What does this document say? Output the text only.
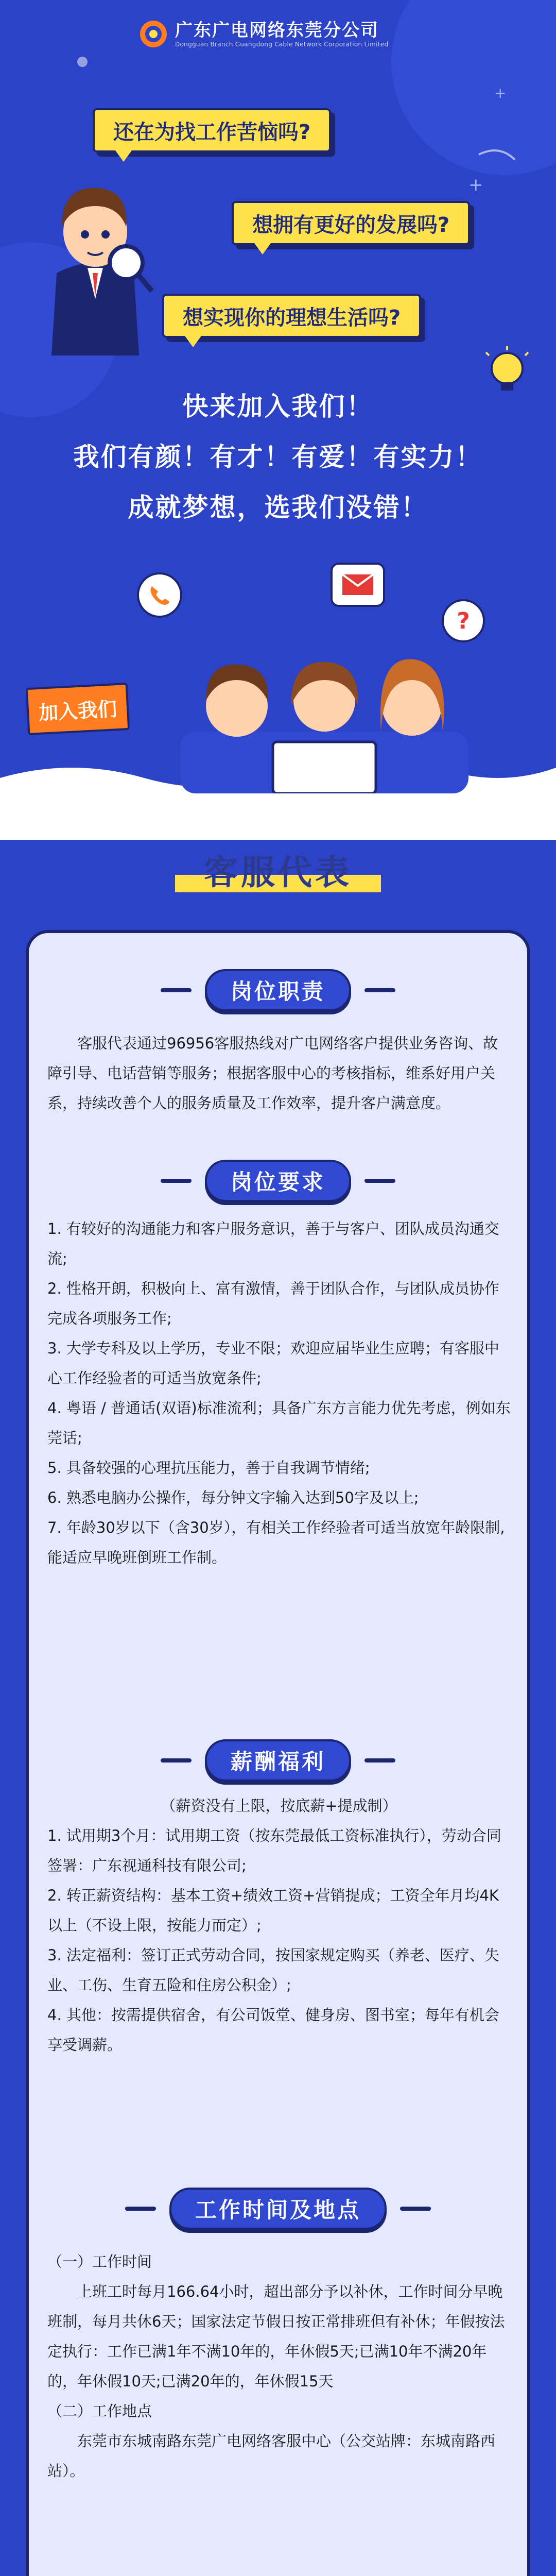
+
+
广东广电网络东莞分公司
Dongguan Branch Guangdong Cable Network Corporation Limited
还在为找工作苦恼吗?
想拥有更好的发展吗?
想实现你的理想生活吗?
快来加入我们！
我们有颜！有才！有爱！有实力！
成就梦想，选我们没错！
?
加入我们
客服代表
岗位职责

客服代表通过96956客服热线对广电网络客户提供业务咨询、故障引导、电话营销等服务；根据客服中心的考核指标，维系好用户关系，持续改善个人的服务质量及工作效率，提升客户满意度。

岗位要求

1. 有较好的沟通能力和客户服务意识，善于与客户、团队成员沟通交流;

2. 性格开朗，积极向上、富有激情，善于团队合作，与团队成员协作完成各项服务工作;

3. 大学专科及以上学历，专业不限；欢迎应届毕业生应聘；有客服中心工作经验者的可适当放宽条件;

4. 粤语 / 普通话(双语)标准流利；具备广东方言能力优先考虑，例如东莞话;

5. 具备较强的心理抗压能力，善于自我调节情绪;

6. 熟悉电脑办公操作，每分钟文字输入达到50字及以上;

7. 年龄30岁以下（含30岁），有相关工作经验者可适当放宽年龄限制,能适应早晚班倒班工作制。

薪酬福利

（薪资没有上限，按底薪+提成制）

1. 试用期3个月：试用期工资（按东莞最低工资标准执行），劳动合同签署：广东视通科技有限公司;

2. 转正薪资结构：基本工资+绩效工资+营销提成；工资全年月均4K以上（不设上限，按能力而定）;

3. 法定福利：签订正式劳动合同，按国家规定购买（养老、医疗、失业、工伤、生育五险和住房公积金）;

4. 其他：按需提供宿舍，有公司饭堂、健身房、图书室；每年有机会享受调薪。

工作时间及地点

（一）工作时间

上班工时每月166.64小时，超出部分予以补休，工作时间分早晚班制，每月共休6天；国家法定节假日按正常排班但有补休；年假按法定执行：工作已满1年不满10年的，年休假5天;已满10年不满20年的，年休假10天;已满20年的，年休假15天

（二）工作地点

东莞市东城南路东莞广电网络客服中心（公交站牌：东城南路西站）。
